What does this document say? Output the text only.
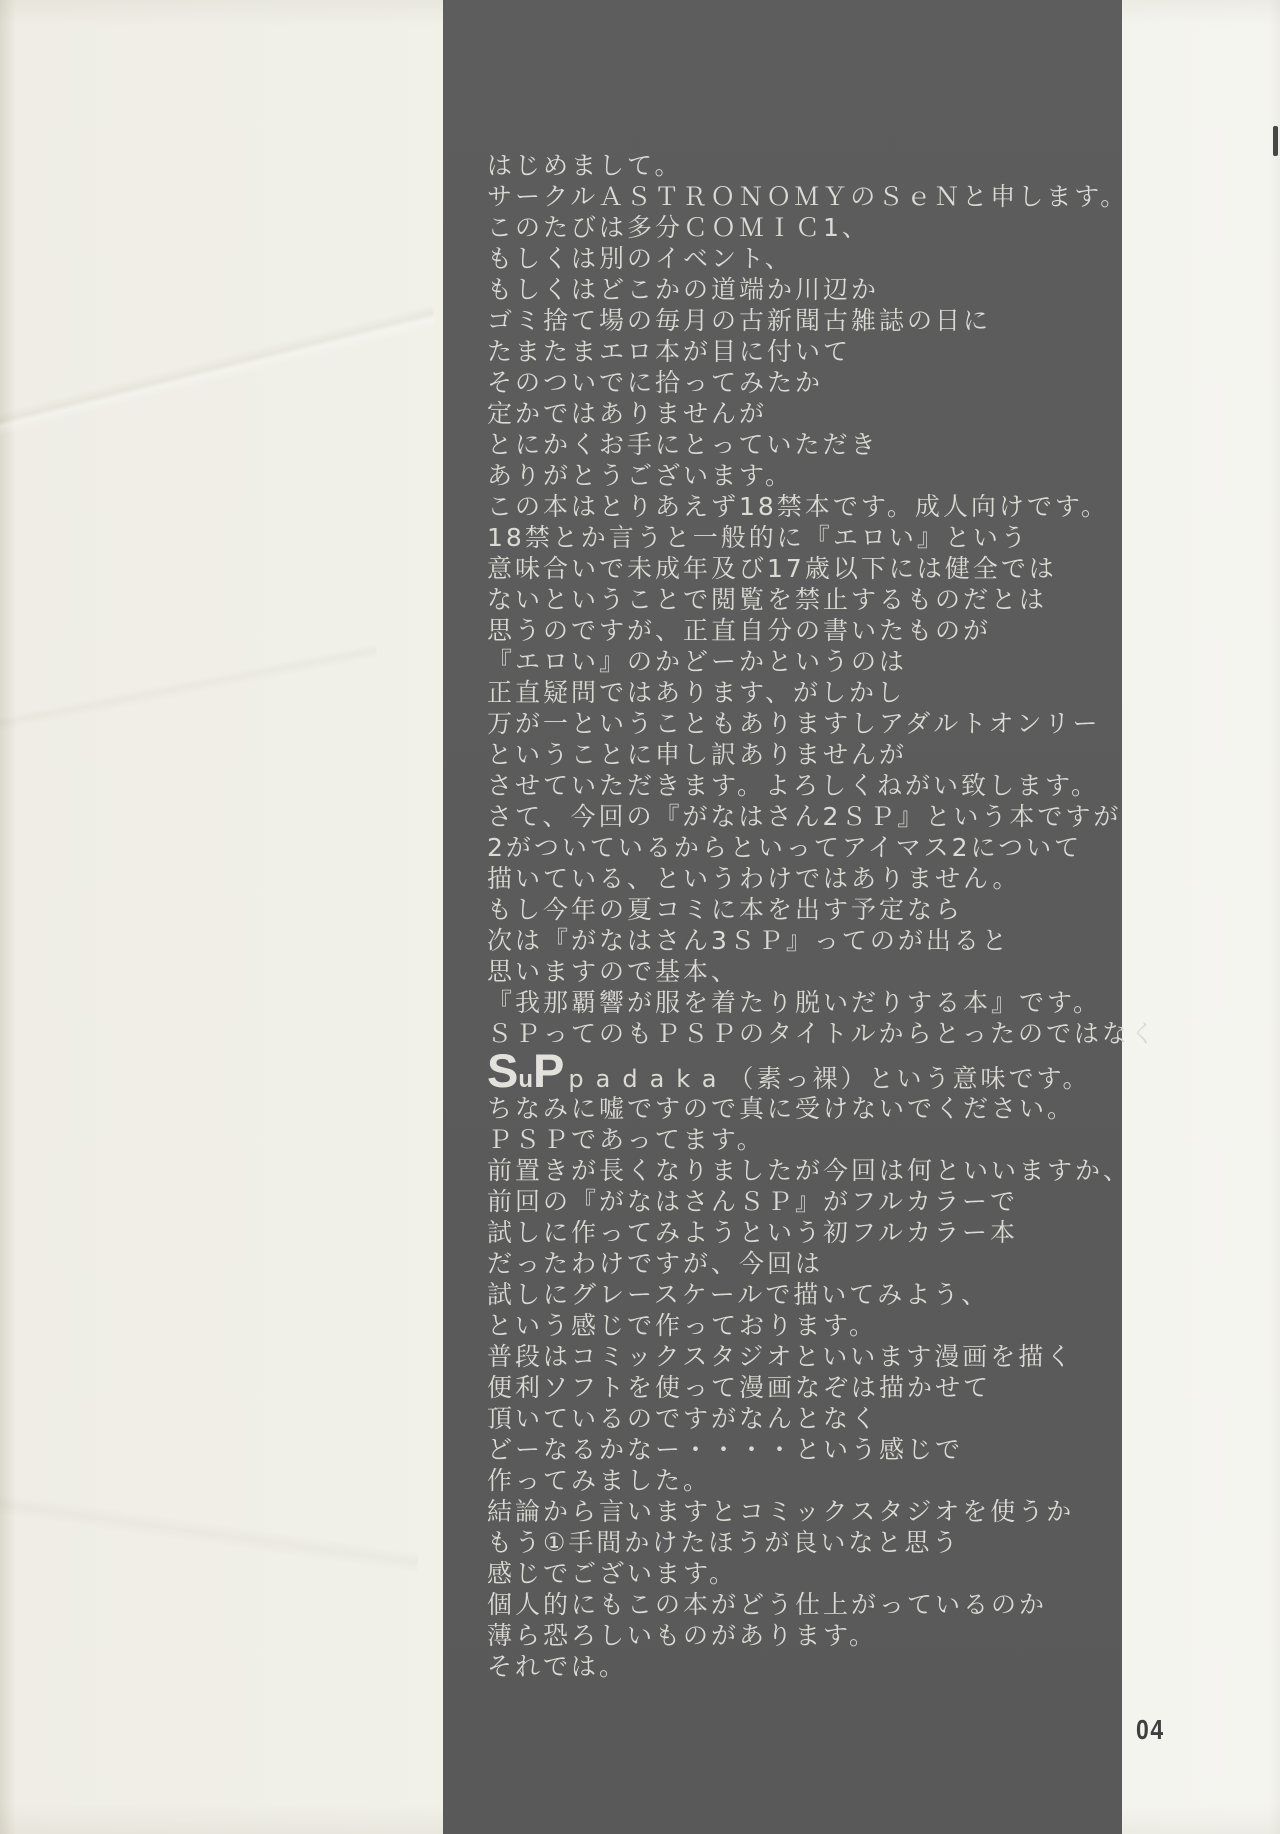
はじめまして。
サークルＡＳＴＲＯＮＯＭＹのＳｅＮと申します。
このたびは多分ＣＯＭＩＣ1、
もしくは別のイベント、
もしくはどこかの道端か川辺か
ゴミ捨て場の毎月の古新聞古雑誌の日に
たまたまエロ本が目に付いて
そのついでに拾ってみたか
定かではありませんが
とにかくお手にとっていただき
ありがとうございます。
この本はとりあえず18禁本です。成人向けです。
18禁とか言うと一般的に『エロい』という
意味合いで未成年及び17歳以下には健全では
ないということで閲覧を禁止するものだとは
思うのですが、正直自分の書いたものが
『エロい』のかどーかというのは
正直疑問ではあります、がしかし
万が一ということもありますしアダルトオンリー
ということに申し訳ありませんが
させていただきます。よろしくねがい致します。
さて、今回の『がなはさん2ＳＰ』という本ですが
2がついているからといってアイマス2について
描いている、というわけではありません。
もし今年の夏コミに本を出す予定なら
次は『がなはさん3ＳＰ』ってのが出ると
思いますので基本、
『我那覇響が服を着たり脱いだりする本』です。
ＳＰってのもＰＳＰのタイトルからとったのではなく
SuP padaka（素っ裸）という意味です。
ちなみに嘘ですので真に受けないでください。
ＰＳＰであってます。
前置きが長くなりましたが今回は何といいますか、
前回の『がなはさんＳＰ』がフルカラーで
試しに作ってみようという初フルカラー本
だったわけですが、今回は
試しにグレースケールで描いてみよう、
という感じで作っております。
普段はコミックスタジオといいます漫画を描く
便利ソフトを使って漫画なぞは描かせて
頂いているのですがなんとなく
どーなるかなー・・・・という感じで
作ってみました。
結論から言いますとコミックスタジオを使うか
もう①手間かけたほうが良いなと思う
感じでございます。
個人的にもこの本がどう仕上がっているのか
薄ら恐ろしいものがあります。
それでは。
04
